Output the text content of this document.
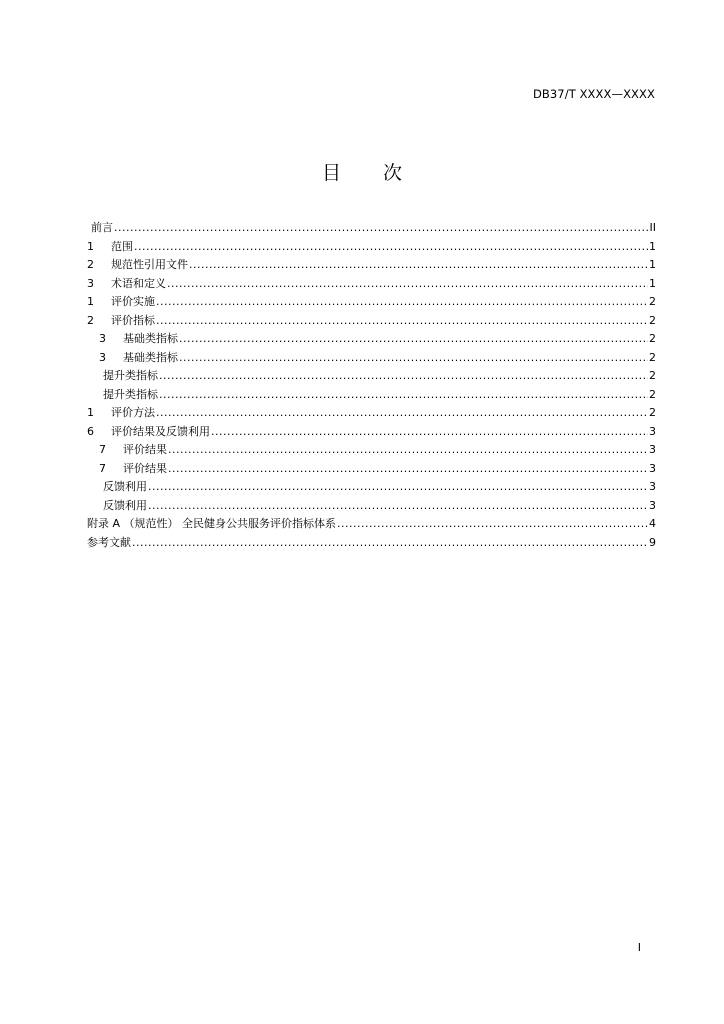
DB37/T XXXX—XXXX
目 次
前言 .....	II
1	范围 .....	1
2	规范性引用文件 .....	1
3	术语和定义 .....	1
1	评价实施 .....	2
2	评价指标 .....	2
3	基础类指标 .....	2
3	基础类指标 .....	2
提升类指标 .....	2
提升类指标 .....	2
1	评价方法 .....	2
6	评价结果及反馈利用 .....	3
7	评价结果 .....	3
7	评价结果 .....	3
反馈利用 .....	3
反馈利用 .....	3
附录 A （规范性） 全民健身公共服务评价指标体系 .....	4
参考文献 .....	9
I
